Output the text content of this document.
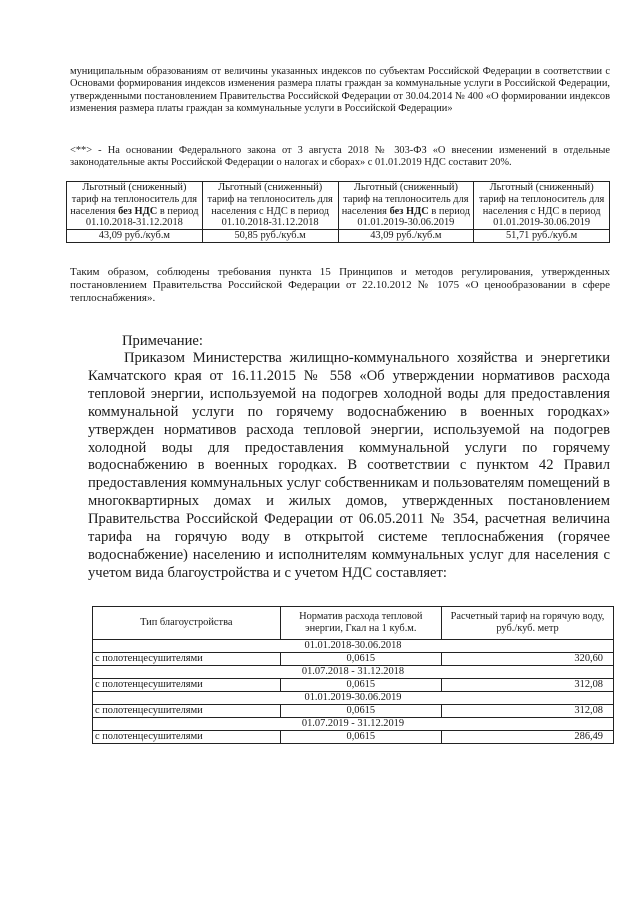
муниципальным образованиям от величины указанных индексов по субъектам Российской Федерации в соответствии с Основами формирования индексов изменения размера платы граждан за коммунальные услуги в Российской Федерации, утвержденными постановлением Правительства Российской Федерации от 30.04.2014 № 400 «О формировании индексов изменения размера платы граждан за коммунальные услуги в Российской Федерации»

<**> - На основании Федерального закона от 3 августа 2018 № 303-ФЗ «О внесении изменений в отдельные законодательные акты Российской Федерации о налогах и сборах» с 01.01.2019 НДС составит 20%.

Льготный (сниженный) тариф на теплоноситель для населения без НДС в период 01.10.2018-31.12.2018	Льготный (сниженный) тариф на теплоноситель для населения с НДС в период 01.10.2018-31.12.2018	Льготный (сниженный) тариф на теплоноситель для населения без НДС в период 01.01.2019-30.06.2019	Льготный (сниженный) тариф на теплоноситель для населения с НДС в период 01.01.2019-30.06.2019
43,09 руб./куб.м	50,85 руб./куб.м	43,09 руб./куб.м	51,71 руб./куб.м

Таким образом, соблюдены требования пункта 15 Принципов и методов регулирования, утвержденных постановлением Правительства Российской Федерации от 22.10.2012 № 1075 «О ценообразовании в сфере теплоснабжения».

Примечание:

Приказом Министерства жилищно-коммунального хозяйства и энергетики Камчатского края от 16.11.2015 № 558 «Об утверждении нормативов расхода тепловой энергии, используемой на подогрев холодной воды для предоставления коммунальной услуги по горячему водоснабжению в военных городках» утвержден нормативов расхода тепловой энергии, используемой на подогрев холодной воды для предоставления коммунальной услуги по горячему водоснабжению в военных городках. В соответствии с пунктом 42 Правил предоставления коммунальных услуг собственникам и пользователям помещений в многоквартирных домах и жилых домов, утвержденных постановлением Правительства Российской Федерации от 06.05.2011 № 354, расчетная величина тарифа на горячую воду в открытой системе теплоснабжения (горячее водоснабжение) населению и исполнителям коммунальных услуг для населения с учетом вида благоустройства и с учетом НДС составляет:

Тип благоустройства	Норматив расхода тепловой энергии, Гкал на 1 куб.м.	Расчетный тариф на горячую воду, руб./куб. метр
01.01.2018-30.06.2018		
с полотенцесушителями	0,0615	320,60
01.07.2018 - 31.12.2018		
с полотенцесушителями	0,0615	312,08
01.01.2019-30.06.2019		
с полотенцесушителями	0,0615	312,08
01.07.2019 - 31.12.2019		
с полотенцесушителями	0,0615	286,49
